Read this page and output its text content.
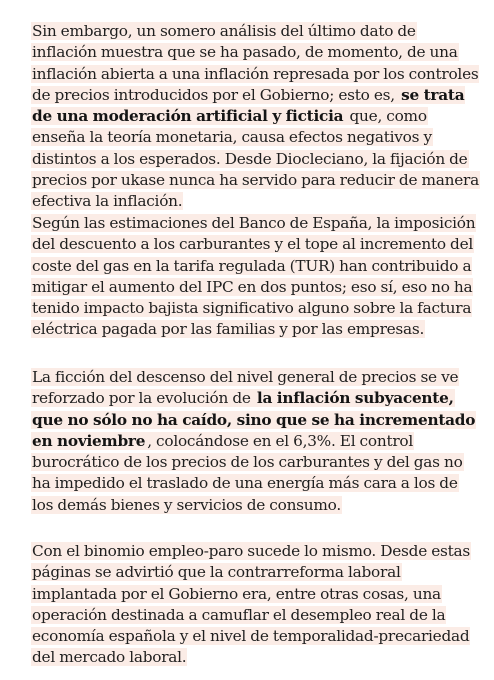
Sin embargo, un somero análisis del último dato de inflación muestra que se ha pasado, de momento, de una inflación abierta a una inflación represada por los controles de precios introducidos por el Gobierno; esto es, se trata de una moderación artificial y ficticia que, como enseña la teoría monetaria, causa efectos negativos y distintos a los esperados. Desde Diocleciano, la fijación de precios por ukase nunca ha servido para reducir de manera efectiva la inflación.

Según las estimaciones del Banco de España, la imposición del descuento a los carburantes y el tope al incremento del coste del gas en la tarifa regulada (TUR) han contribuido a mitigar el aumento del IPC en dos puntos; eso sí, eso no ha tenido impacto bajista significativo alguno sobre la factura eléctrica pagada por las familias y por las empresas.

La ficción del descenso del nivel general de precios se ve reforzado por la evolución de la inflación subyacente, que no sólo no ha caído, sino que se ha incrementado en noviembre , colocándose en el 6,3%. El control burocrático de los precios de los carburantes y del gas no ha impedido el traslado de una energía más cara a los de los demás bienes y servicios de consumo.

Con el binomio empleo-paro sucede lo mismo. Desde estas páginas se advirtió que la contrarreforma laboral implantada por el Gobierno era, entre otras cosas, una operación destinada a camuflar el desempleo real de la economía española y el nivel de temporalidad-precariedad del mercado laboral.
